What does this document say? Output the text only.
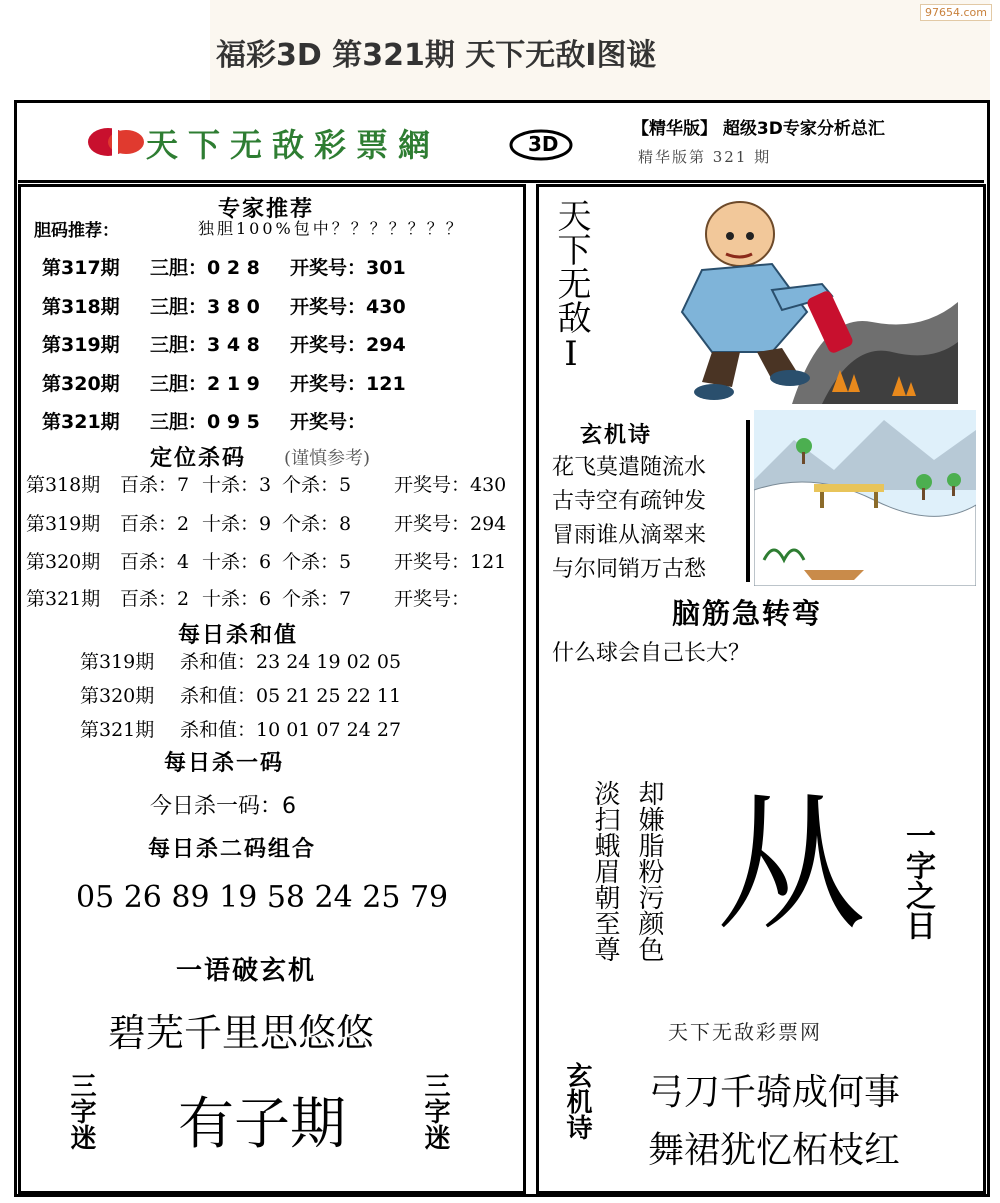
福彩3D 第321期 天下无敌Ⅰ图谜
97654.com
天下无敌彩票網	3D
【精华版】 超级3D专家分析总汇
精华版第 321 期
专家推荐
胆码推荐：	独胆100%包中？？？？？？？
第317期 三胆：0 2 8 开奖号：301
第318期 三胆：3 8 0 开奖号：430
第319期 三胆：3 4 8 开奖号：294
第320期 三胆：2 1 9 开奖号：121
第321期 三胆：0 9 5 开奖号：
定位杀码 (谨慎参考)
第318期 百杀：7 十杀：3 个杀：5 开奖号：430
第319期 百杀：2 十杀：9 个杀：8 开奖号：294
第320期 百杀：4 十杀：6 个杀：5 开奖号：121
第321期 百杀：2 十杀：6 个杀：7 开奖号：
每日杀和值
第319期 杀和值：23 24 19 02 05
第320期 杀和值：05 21 25 22 11
第321期 杀和值：10 01 07 24 27
每日杀一码
今日杀一码：6
每日杀二码组合
05 26 89 19 58 24 25 79
一语破玄机
碧芜千里思悠悠
三字迷 有子期	三字迷
天下无敌Ⅰ
玄机诗
花飞莫遣随流水
古寺空有疏钟发
冒雨谁从滴翠来
与尔同销万古愁
脑筋急转弯
什么球会自己长大？
却嫌脂粉污颜色
淡扫蛾眉朝至尊 从 一字之日
天下无敌彩票网
玄机诗 弓刀千骑成何事
舞裙犹忆柘枝红
